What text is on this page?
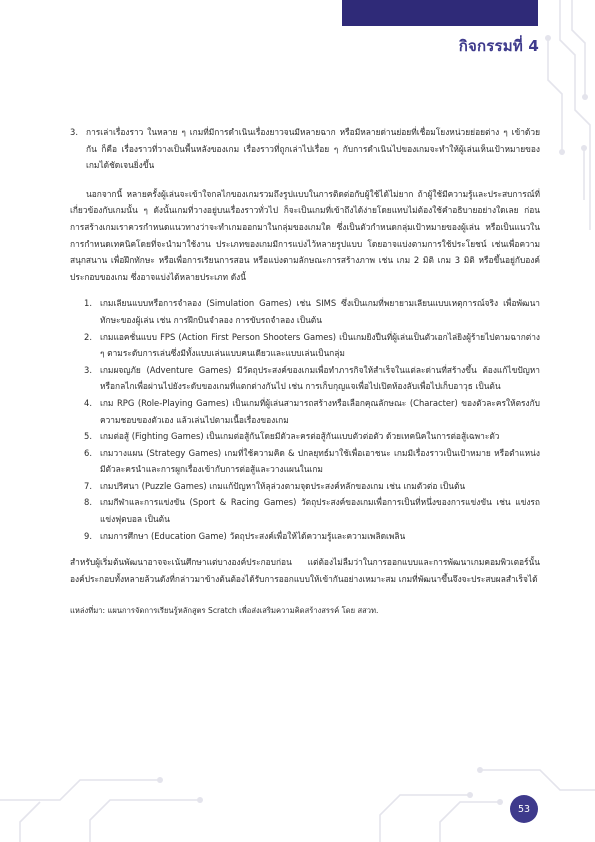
กิจกรรมที่ 4
3. การเล่าเรื่องราว ในหลาย ๆ เกมที่มีการดำเนินเรื่องยาวจนมีหลายฉาก หรือมีหลายด่านย่อยที่เชื่อมโยงหน่วยย่อยต่าง ๆ เข้าด้วยกัน ก็คือ เรื่องราวที่วางเป็นพื้นหลังของเกม เรื่องราวที่ถูกเล่าไปเรื่อย ๆ กับการดำเนินไปของเกมจะทำให้ผู้เล่นเห็นเป้าหมายของเกมได้ชัดเจนยิ่งขึ้น

นอกจากนี้ หลายครั้งผู้เล่นจะเข้าใจกลไกของเกมรวมถึงรูปแบบในการติดต่อกับผู้ใช้ได้ไม่ยาก ถ้าผู้ใช้มีความรู้และประสบการณ์ที่เกี่ยวข้องกับเกมนั้น ๆ ดังนั้นเกมที่วางอยู่บนเรื่องราวทั่วไป ก็จะเป็นเกมที่เข้าถึงได้ง่ายโดยแทบไม่ต้องใช้คำอธิบายอย่างใดเลย ก่อนการสร้างเกมเราควรกำหนดแนวทางว่าจะทำเกมออกมาในกลุ่มของเกมใด ซึ่งเป็นตัวกำหนดกลุ่มเป้าหมายของผู้เล่น หรือเป็นแนวในการกำหนดเทคนิคโดยที่จะนำมาใช้งาน ประเภทของเกมมีการแบ่งไว้หลายรูปแบบ โดยอาจแบ่งตามการใช้ประโยชน์ เช่นเพื่อความสนุกสนาน เพื่อฝึกทักษะ หรือเพื่อการเรียนการสอน หรือแบ่งตามลักษณะการสร้างภาพ เช่น เกม 2 มิติ เกม 3 มิติ หรือขึ้นอยู่กับองค์ประกอบของเกม ซึ่งอาจแบ่งได้หลายประเภท ดังนี้

1. เกมเลียนแบบหรือการจำลอง (Simulation Games) เช่น SIMS ซึ่งเป็นเกมที่พยายามเลียนแบบเหตุการณ์จริง เพื่อพัฒนาทักษะของผู้เล่น เช่น การฝึกบินจำลอง การขับรถจำลอง เป็นต้น
2. เกมแอคชั่นแบบ FPS (Action First Person Shooters Games) เป็นเกมยิงปืนที่ผู้เล่นเป็นตัวเอกไล่ยิงผู้ร้ายไปตามฉากต่าง ๆ ตามระดับการเล่นซึ่งมีทั้งแบบเล่นแบบคนเดียวและแบบเล่นเป็นกลุ่ม
3. เกมผจญภัย (Adventure Games) มีวัตถุประสงค์ของเกมเพื่อทำภารกิจให้สำเร็จในแต่ละด่านที่สร้างขึ้น ต้องแก้ไขปัญหาหรือกลไกเพื่อผ่านไปยังระดับของเกมที่แตกต่างกันไป เช่น การเก็บกุญแจเพื่อไปเปิดห้องลับเพื่อไปเก็บอาวุธ เป็นต้น
4. เกม RPG (Role-Playing Games) เป็นเกมที่ผู้เล่นสามารถสร้างหรือเลือกคุณลักษณะ (Character) ของตัวละครให้ตรงกับความชอบของตัวเอง แล้วเล่นไปตามเนื้อเรื่องของเกม
5. เกมต่อสู้ (Fighting Games) เป็นเกมต่อสู้กันโดยมีตัวละครต่อสู้กันแบบตัวต่อตัว ด้วยเทคนิคในการต่อสู้เฉพาะตัว
6. เกมวางแผน (Strategy Games) เกมที่ใช้ความคิด & ปกลยุทธ์มาใช้เพื่อเอาชนะ เกมมีเรื่องราวเป็นเป้าหมาย หรือตำแหน่ง มีตัวละครนำและการผูกเรื่องเข้ากับการต่อสู้และวางแผนในเกม
7. เกมปริศนา (Puzzle Games) เกมแก้ปัญหาให้ลุล่วงตามจุดประสงค์หลักของเกม เช่น เกมตัวต่อ เป็นต้น
8. เกมกีฬาและการแข่งขัน (Sport & Racing Games) วัตถุประสงค์ของเกมเพื่อการเป็นที่หนึ่งของการแข่งขัน เช่น แข่งรถ แข่งฟุตบอล เป็นต้น
9. เกมการศึกษา (Education Game) วัตถุประสงค์เพื่อให้ได้ความรู้และความเพลิดเพลิน

สำหรับผู้เริ่มต้นพัฒนาอาจจะเน้นศึกษาแต่บางองค์ประกอบก่อน แต่ต้องไม่ลืมว่าในการออกแบบและการพัฒนาเกมคอมพิวเตอร์นั้น องค์ประกอบทั้งหลายล้วนดังที่กล่าวมาข้างต้นต้องได้รับการออกแบบให้เข้ากันอย่างเหมาะสม เกมที่พัฒนาขึ้นจึงจะประสบผลสำเร็จได้

แหล่งที่มา: แผนการจัดการเรียนรู้หลักสูตร Scratch เพื่อส่งเสริมความคิดสร้างสรรค์ โดย สสวท.

53
